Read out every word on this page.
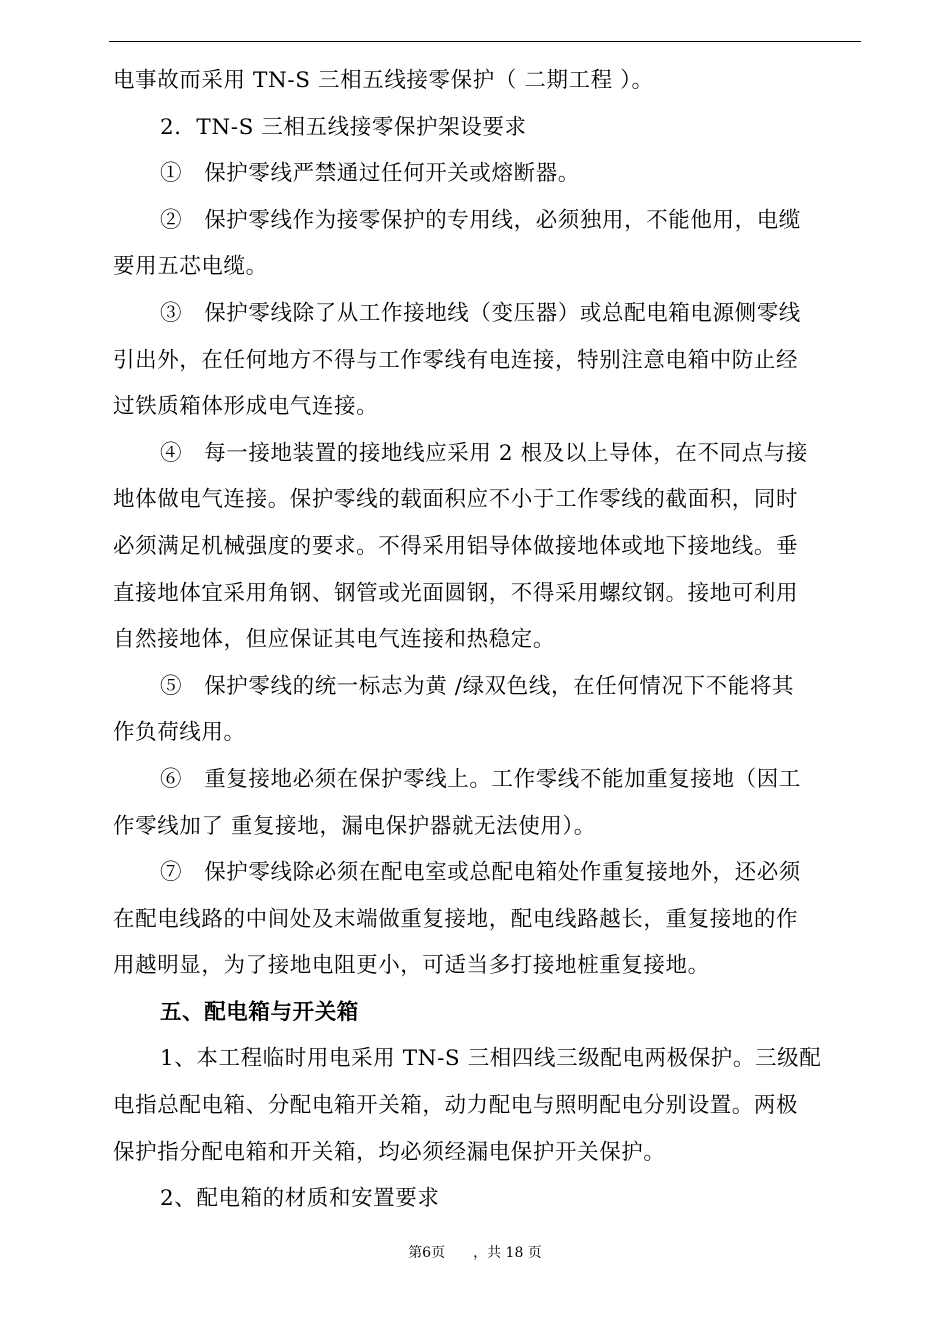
电事故而采用 TN-S 三相五线接零保护（ 二期工程 ）。
2．TN-S 三相五线接零保护架设要求
①　保护零线严禁通过任何开关或熔断器。
②　保护零线作为接零保护的专用线，必须独用，不能他用，电缆
要用五芯电缆。
③　保护零线除了从工作接地线（变压器）或总配电箱电源侧零线
引出外，在任何地方不得与工作零线有电连接，特别注意电箱中防止经
过铁质箱体形成电气连接。
④　每一接地装置的接地线应采用 2 根及以上导体，在不同点与接
地体做电气连接。保护零线的载面积应不小于工作零线的截面积，同时
必须满足机械强度的要求。不得采用铝导体做接地体或地下接地线。垂
直接地体宜采用角钢、钢管或光面圆钢，不得采用螺纹钢。接地可利用
自然接地体，但应保证其电气连接和热稳定。
⑤　保护零线的统一标志为黄 /绿双色线，在任何情况下不能将其
作负荷线用。
⑥　重复接地必须在保护零线上。工作零线不能加重复接地（因工
作零线加了 重复接地，漏电保护器就无法使用）。
⑦　保护零线除必须在配电室或总配电箱处作重复接地外，还必须
在配电线路的中间处及末端做重复接地，配电线路越长，重复接地的作
用越明显，为了接地电阻更小，可适当多打接地桩重复接地。
五、配电箱与开关箱
1、本工程临时用电采用 TN-S 三相四线三级配电两极保护。三级配
电指总配电箱、分配电箱开关箱，动力配电与照明配电分别设置。两极
保护指分配电箱和开关箱，均必须经漏电保护开关保护。
2、配电箱的材质和安置要求
第6页　　，共 18 页
